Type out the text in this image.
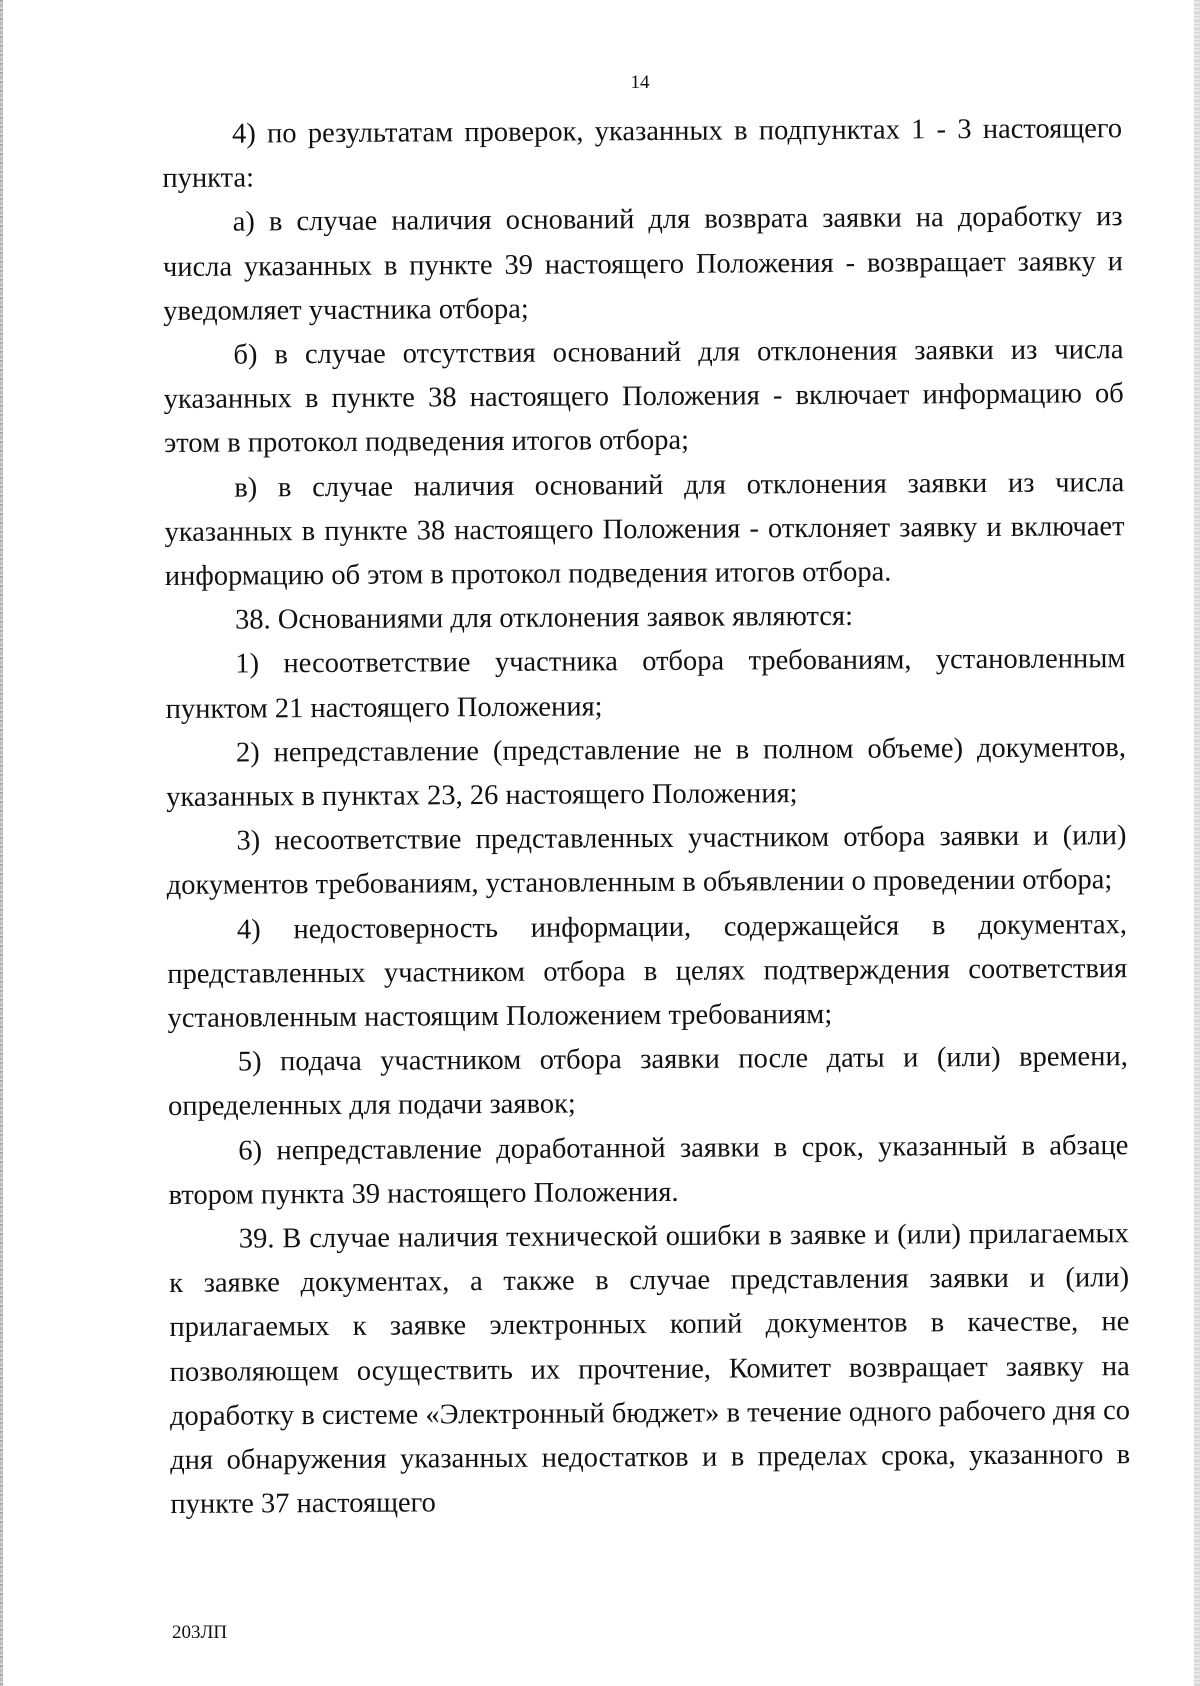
14

4) по результатам проверок, указанных в подпунктах 1 - 3 настоящего пункта:

а) в случае наличия оснований для возврата заявки на доработку из числа указанных в пункте 39 настоящего Положения - возвращает заявку и уведомляет участника отбора;

б) в случае отсутствия оснований для отклонения заявки из числа указанных в пункте 38 настоящего Положения - включает информацию об этом в протокол подведения итогов отбора;

в) в случае наличия оснований для отклонения заявки из числа указанных в пункте 38 настоящего Положения - отклоняет заявку и включает информацию об этом в протокол подведения итогов отбора.

38. Основаниями для отклонения заявок являются:

1) несоответствие участника отбора требованиям, установленным пунктом 21 настоящего Положения;

2) непредставление (представление не в полном объеме) документов, указанных в пунктах 23, 26 настоящего Положения;

3) несоответствие представленных участником отбора заявки и (или) документов требованиям, установленным в объявлении о проведении отбора;

4) недостоверность информации, содержащейся в документах, представленных участником отбора в целях подтверждения соответствия установленным настоящим Положением требованиям;

5) подача участником отбора заявки после даты и (или) времени, определенных для подачи заявок;

6) непредставление доработанной заявки в срок, указанный в абзаце втором пункта 39 настоящего Положения.

39. В случае наличия технической ошибки в заявке и (или) прилагаемых к заявке документах, а также в случае представления заявки и (или) прилагаемых к заявке электронных копий документов в качестве, не позволяющем осуществить их прочтение, Комитет возвращает заявку на доработку в системе «Электронный бюджет» в течение одного рабочего дня со дня обнаружения указанных недостатков и в пределах срока, указанного в пункте 37 настоящего

203ЛП
